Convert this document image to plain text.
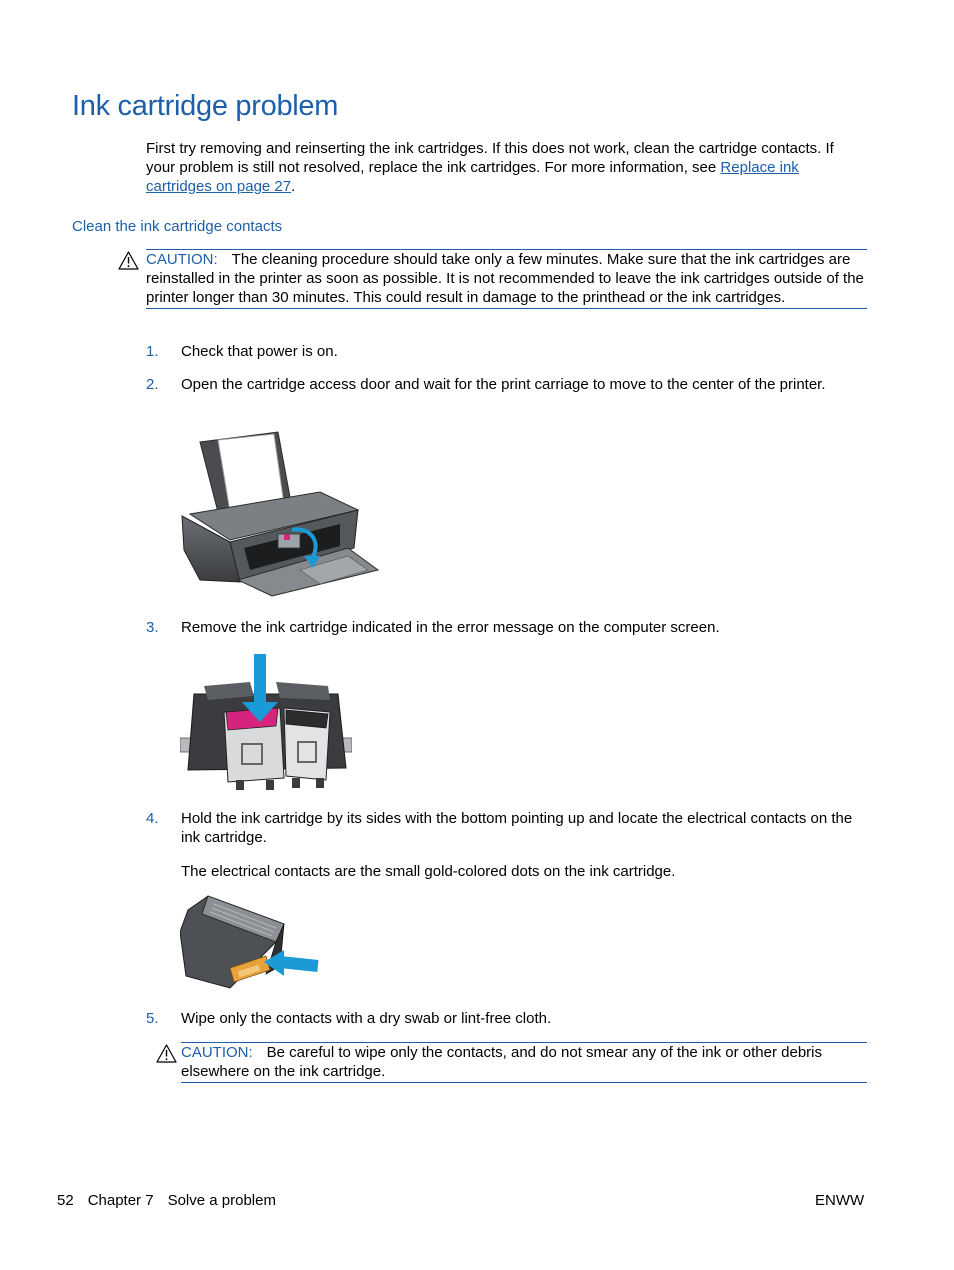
Ink cartridge problem

First try removing and reinserting the ink cartridges. If this does not work, clean the cartridge contacts. If your problem is still not resolved, replace the ink cartridges. For more information, see Replace ink cartridges on page 27.

Clean the ink cartridge contacts
CAUTION: The cleaning procedure should take only a few minutes. Make sure that the ink cartridges are reinstalled in the printer as soon as possible. It is not recommended to leave the ink cartridges outside of the printer longer than 30 minutes. This could result in damage to the printhead or the ink cartridges.
1. Check that power is on.
2. Open the cartridge access door and wait for the print carriage to move to the center of the printer.
3. Remove the ink cartridge indicated in the error message on the computer screen.
4. Hold the ink cartridge by its sides with the bottom pointing up and locate the electrical contacts on the ink cartridge.

The electrical contacts are the small gold-colored dots on the ink cartridge.

5. Wipe only the contacts with a dry swab or lint-free cloth.
CAUTION: Be careful to wipe only the contacts, and do not smear any of the ink or other debris elsewhere on the ink cartridge.
52 Chapter 7 Solve a problem	ENWW
